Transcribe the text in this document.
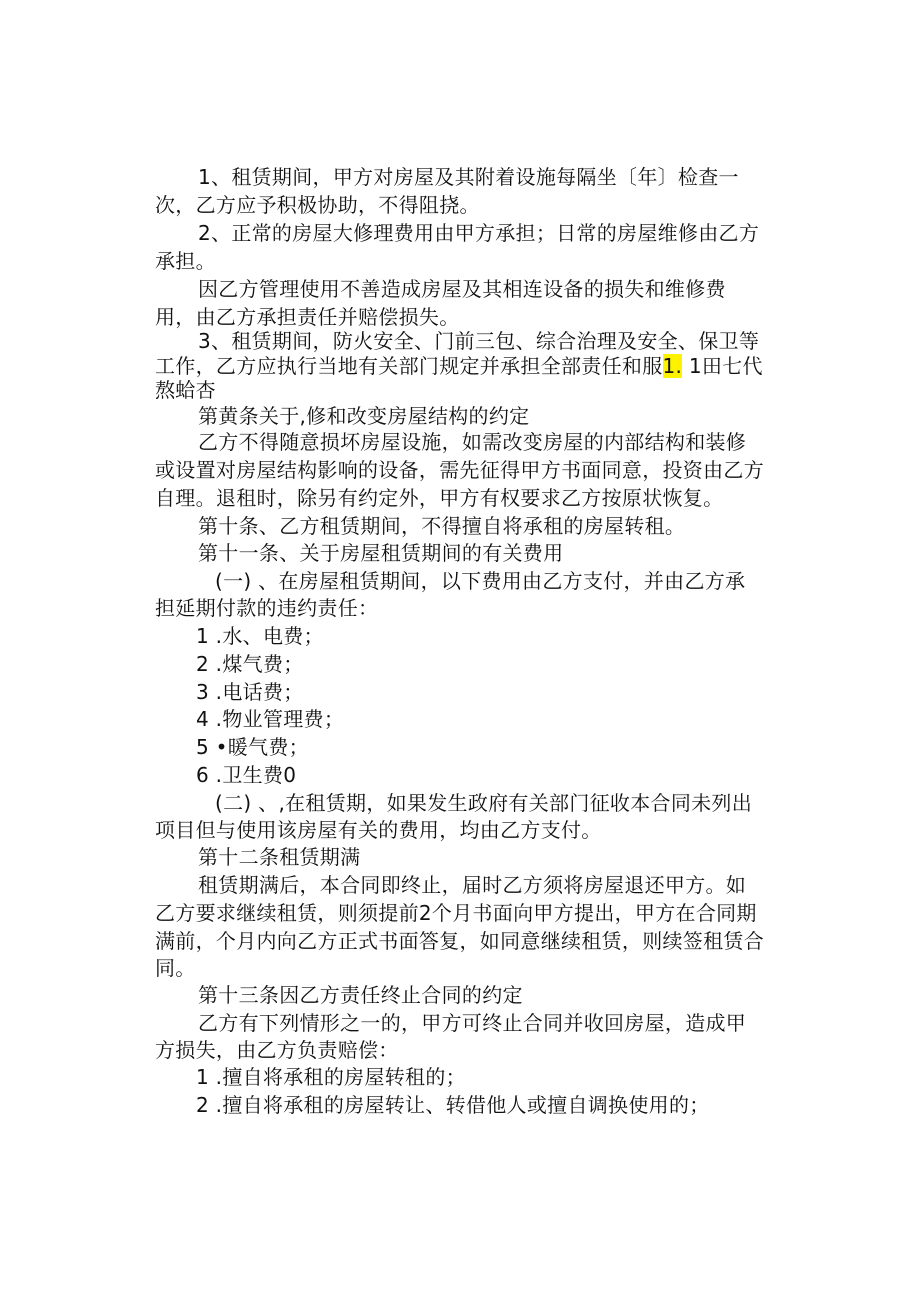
1、租赁期间，甲方对房屋及其附着设施每隔坐〔年〕检查一

次，乙方应予积极协助，不得阻挠。

2、正常的房屋大修理费用由甲方承担；日常的房屋维修由乙方

承担。

因乙方管理使用不善造成房屋及其相连设备的损失和维修费

用，由乙方承担责任并赔偿损失。

3、租赁期间，防火安全、门前三包、综合治理及安全、保卫等

工作，乙方应执行当地有关部门规定并承担全部责任和服1. 1田七代

熬蛤杏

第黄条关于,修和改变房屋结构的约定

乙方不得随意损坏房屋设施，如需改变房屋的内部结构和装修

或设置对房屋结构影响的设备，需先征得甲方书面同意，投资由乙方

自理。退租时，除另有约定外，甲方有权要求乙方按原状恢复。

第十条、乙方租赁期间，不得擅自将承租的房屋转租。

第十一条、关于房屋租赁期间的有关费用

(一) 、在房屋租赁期间，以下费用由乙方支付，并由乙方承

担延期付款的违约责任：

1 .水、电费；

2 .煤气费；

3 .电话费；

4 .物业管理费；

5 •暖气费；

6 .卫生费0

(二) 、,在租赁期，如果发生政府有关部门征收本合同未列出

项目但与使用该房屋有关的费用，均由乙方支付。

第十二条租赁期满

租赁期满后，本合同即终止，届时乙方须将房屋退还甲方。如

乙方要求继续租赁，则须提前2个月书面向甲方提出，甲方在合同期

满前，个月内向乙方正式书面答复，如同意继续租赁，则续签租赁合

同。

第十三条因乙方责任终止合同的约定

乙方有下列情形之一的，甲方可终止合同并收回房屋，造成甲

方损失，由乙方负责赔偿：

1 .擅自将承租的房屋转租的；

2 .擅自将承租的房屋转让、转借他人或擅自调换使用的；
